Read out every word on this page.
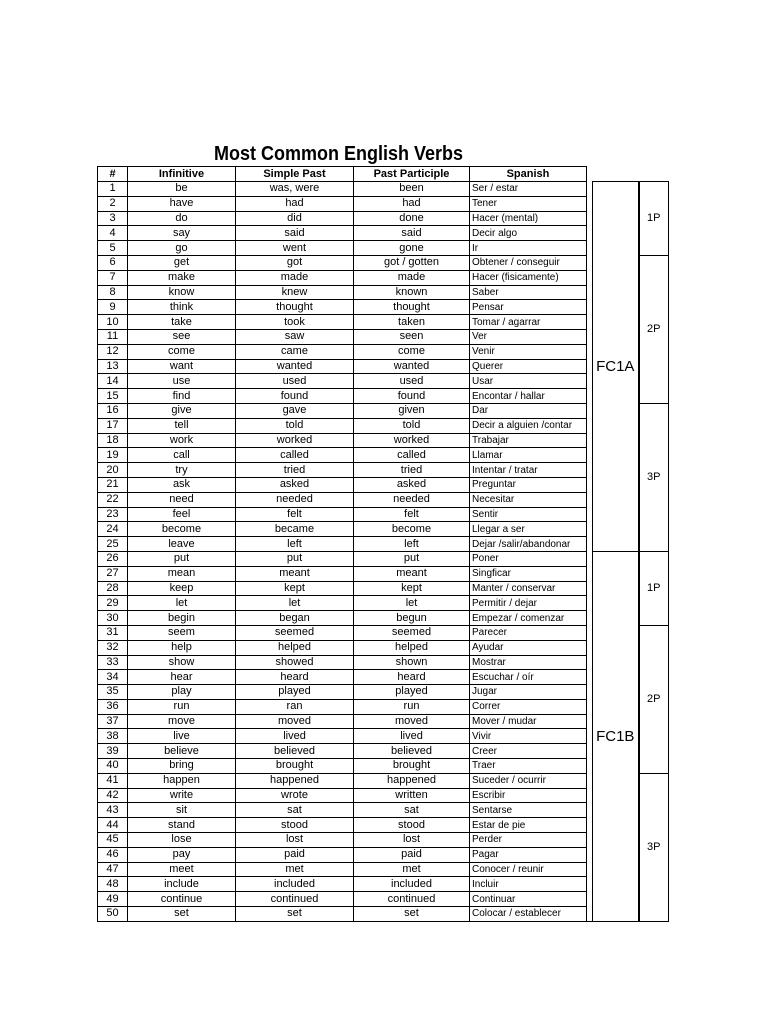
Most Common English Verbs
#	Infinitive	Simple Past	Past Participle	Spanish			
1	be	was, were	been	Ser / estar		FC1A	1P
2	have	had	had	Tener			
3	do	did	done	Hacer (mental)			
4	say	said	said	Decir algo			
5	go	went	gone	Ir			
6	get	got	got / gotten	Obtener / conseguir			2P
7	make	made	made	Hacer (fisicamente)			
8	know	knew	known	Saber			
9	think	thought	thought	Pensar			
10	take	took	taken	Tomar / agarrar			
11	see	saw	seen	Ver			
12	come	came	come	Venir			
13	want	wanted	wanted	Querer			
14	use	used	used	Usar			
15	find	found	found	Encontar / hallar			
16	give	gave	given	Dar			3P
17	tell	told	told	Decir a alguien /contar			
18	work	worked	worked	Trabajar			
19	call	called	called	Llamar			
20	try	tried	tried	Intentar / tratar			
21	ask	asked	asked	Preguntar			
22	need	needed	needed	Necesitar			
23	feel	felt	felt	Sentir			
24	become	became	become	Llegar a ser			
25	leave	left	left	Dejar /salir/abandonar			
26	put	put	put	Poner		FC1B	1P
27	mean	meant	meant	Singficar			
28	keep	kept	kept	Manter / conservar			
29	let	let	let	Permitir / dejar			
30	begin	began	begun	Empezar / comenzar			
31	seem	seemed	seemed	Parecer			2P
32	help	helped	helped	Ayudar			
33	show	showed	shown	Mostrar			
34	hear	heard	heard	Escuchar / oír			
35	play	played	played	Jugar			
36	run	ran	run	Correr			
37	move	moved	moved	Mover / mudar			
38	live	lived	lived	Vivir			
39	believe	believed	believed	Creer			
40	bring	brought	brought	Traer			
41	happen	happened	happened	Suceder / ocurrir			3P
42	write	wrote	written	Escribir			
43	sit	sat	sat	Sentarse			
44	stand	stood	stood	Estar de pie			
45	lose	lost	lost	Perder			
46	pay	paid	paid	Pagar			
47	meet	met	met	Conocer / reunir			
48	include	included	included	Incluir			
49	continue	continued	continued	Continuar			
50	set	set	set	Colocar / establecer			
